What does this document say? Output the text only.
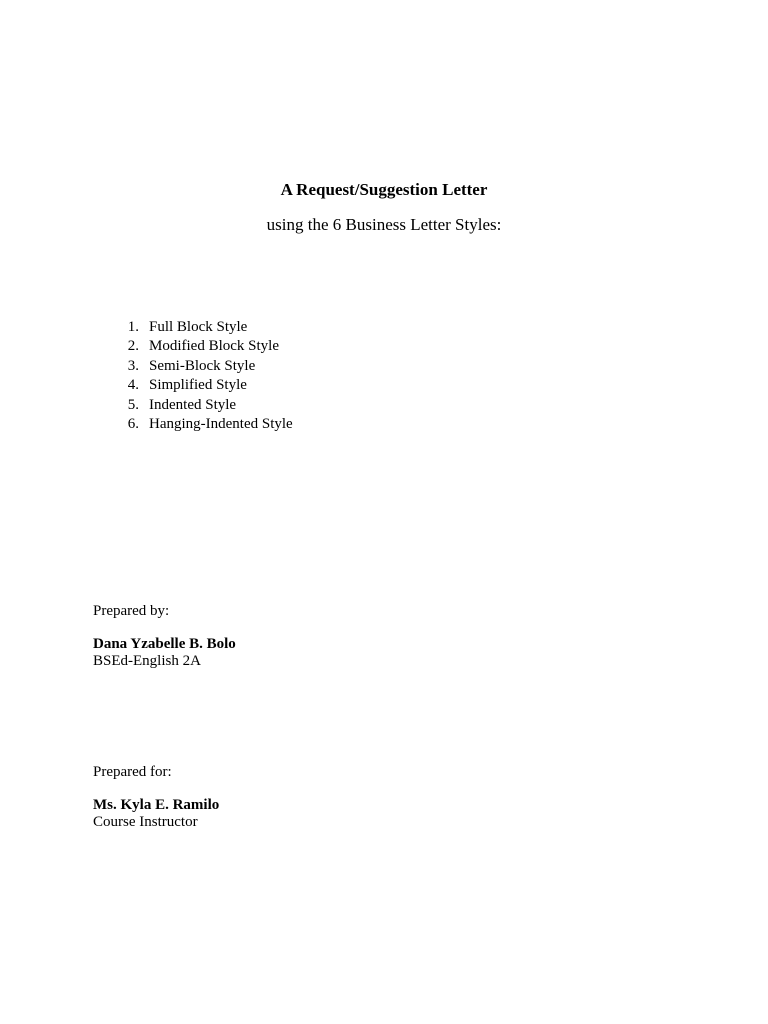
A Request/Suggestion Letter
using the 6 Business Letter Styles:
1. Full Block Style
2. Modified Block Style
3. Semi-Block Style
4. Simplified Style
5. Indented Style
6. Hanging-Indented Style
Prepared by:
Dana Yzabelle B. Bolo
BSEd-English 2A
Prepared for:
Ms. Kyla E. Ramilo
Course Instructor
